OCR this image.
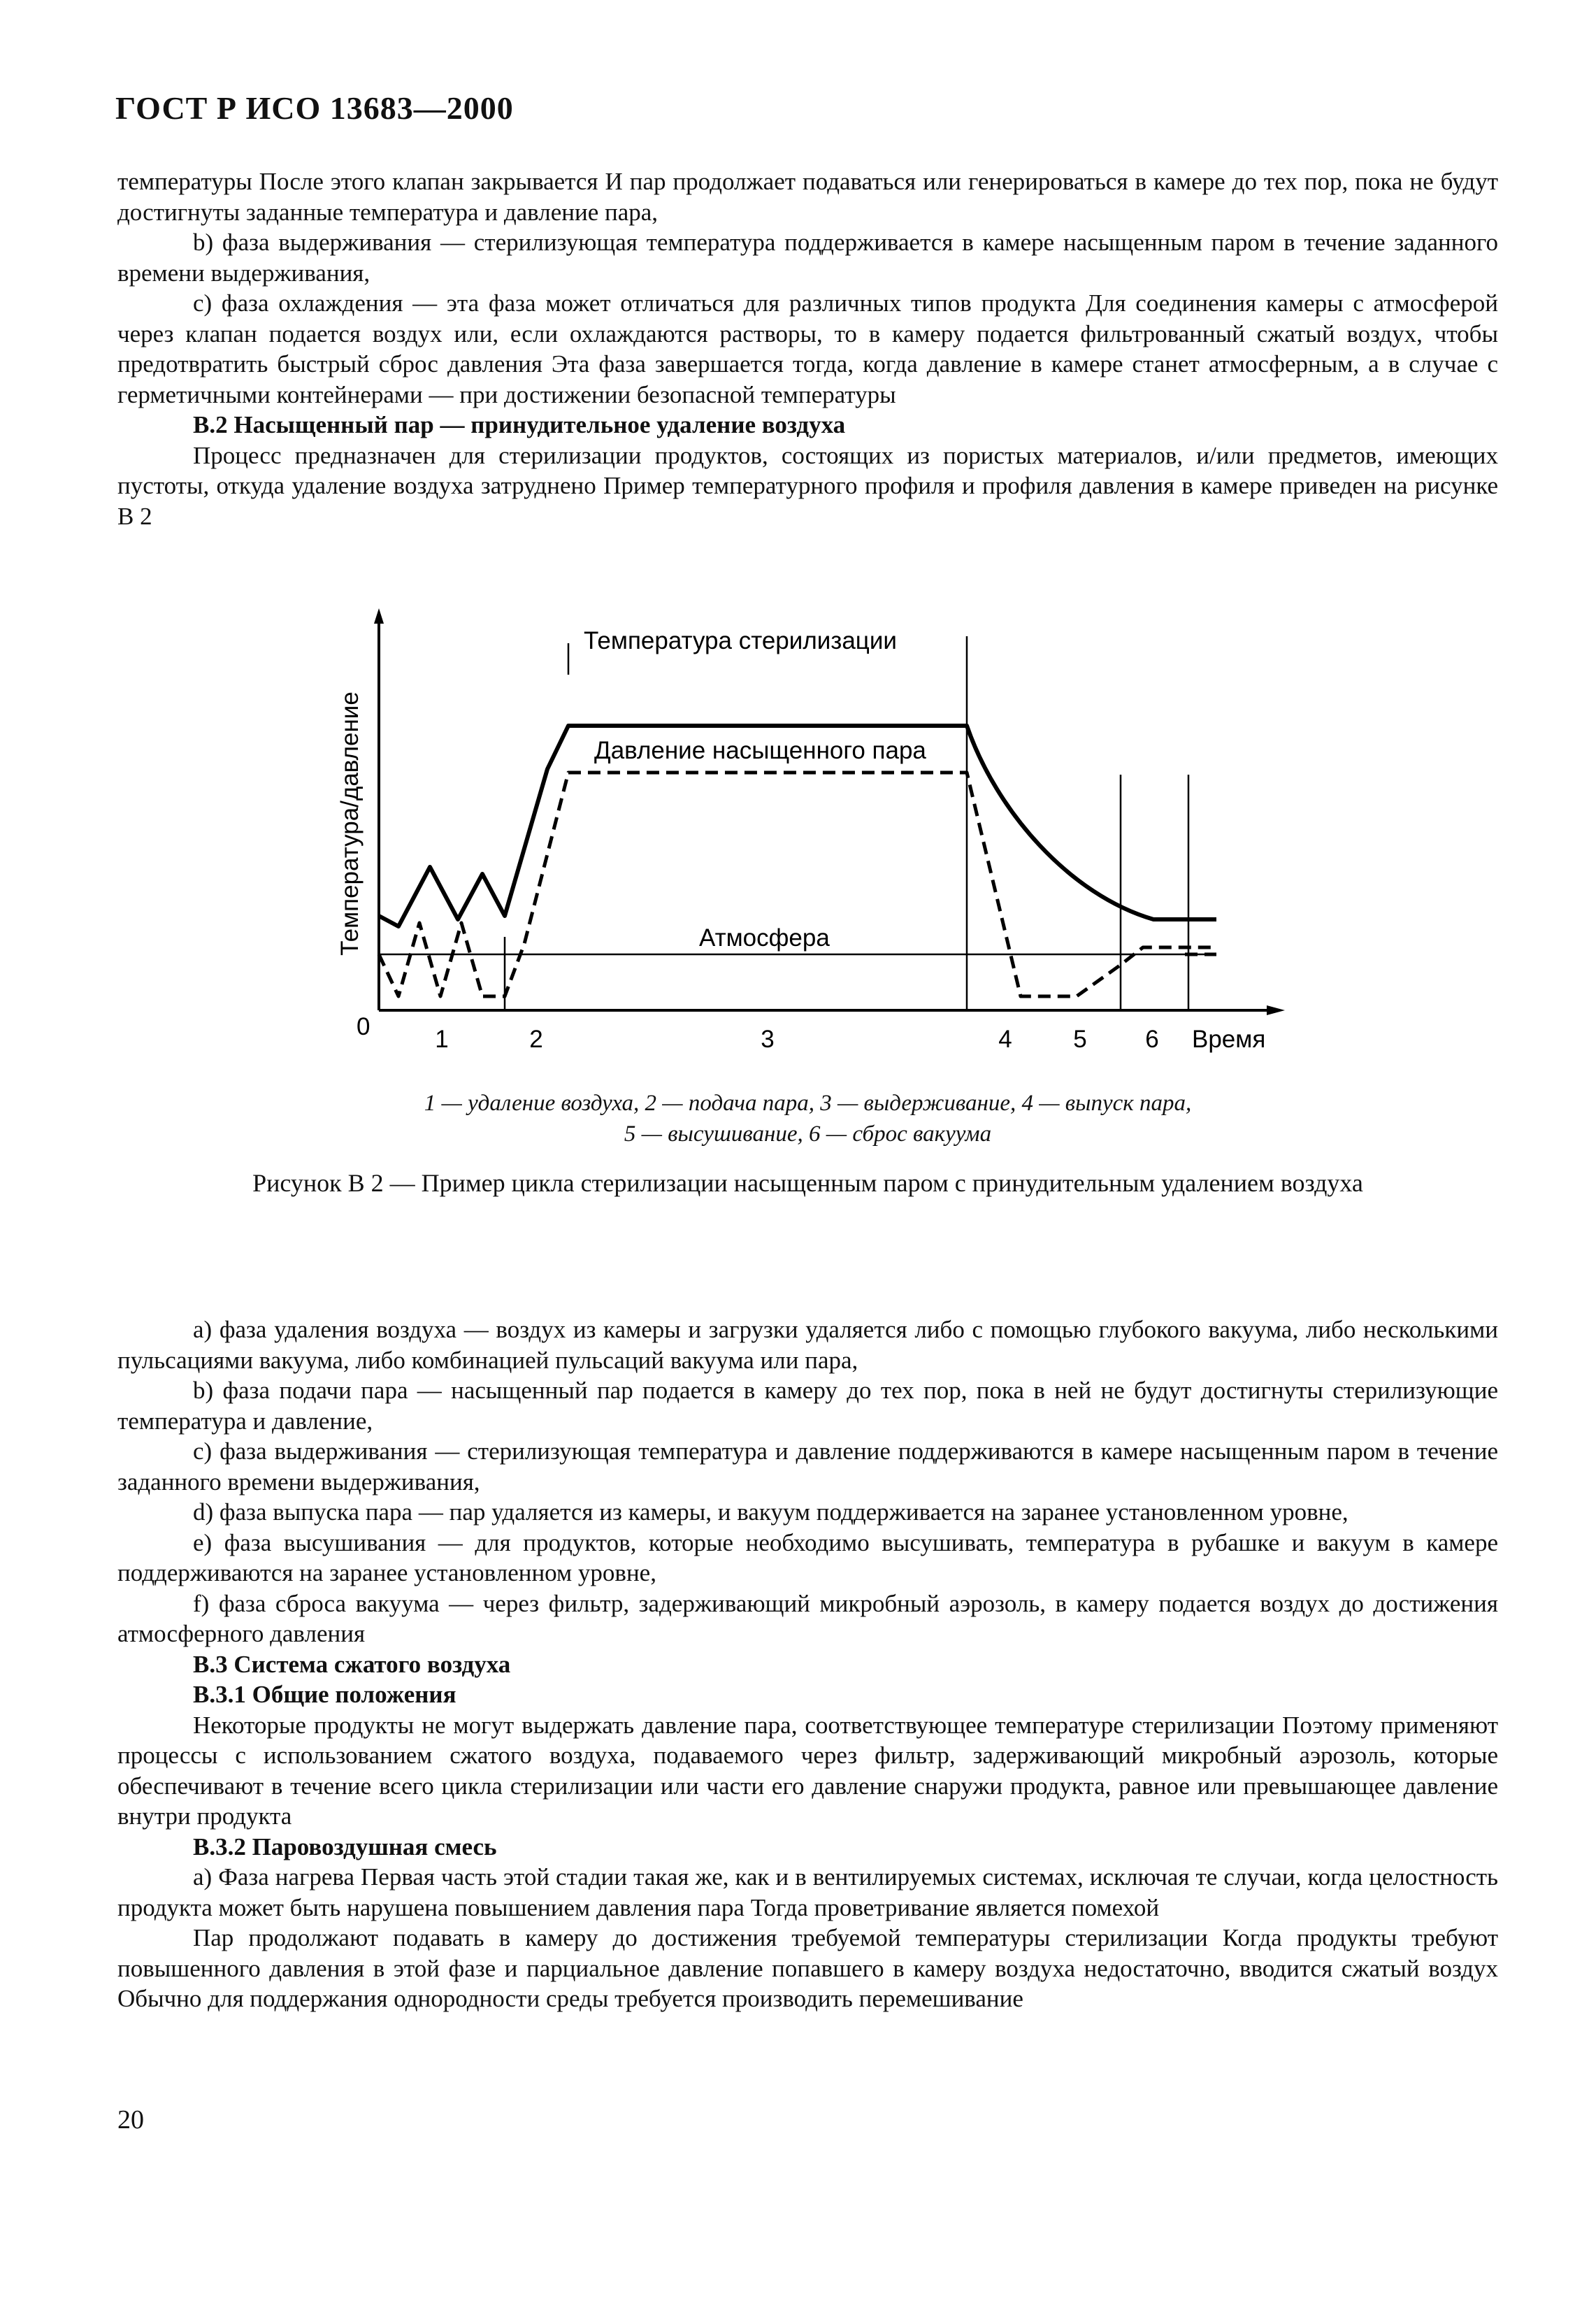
ГОСТ Р ИСО 13683—2000

температуры После этого клапан закрывается И пар продолжает подаваться или генерироваться в камере до тех пор, пока не будут достигнуты заданные температура и давление пара,

b) фаза выдерживания — стерилизующая температура поддерживается в камере насыщенным паром в течение заданного времени выдерживания,

c) фаза охлаждения — эта фаза может отличаться для различных типов продукта Для соединения камеры с атмосферой через клапан подается воздух или, если охлаждаются растворы, то в камеру подается фильтрованный сжатый воздух, чтобы предотвратить быстрый сброс давления Эта фаза завершается тогда, когда давление в камере станет атмосферным, а в случае с герметичными контейнерами — при достижении безопасной температуры

B.2 Насыщенный пар — принудительное удаление воздуха

Процесс предназначен для стерилизации продуктов, состоящих из пористых материалов, и/или предметов, имеющих пустоты, откуда удаление воздуха затруднено Пример температурного профиля и профиля давления в камере приведен на рисунке B 2

Температура стерилизации
Давление насыщенного пара
Атмосфера
Температура/давление
0	1	2	3	4	5 6 Время
1 — удаление воздуха, 2 — подача пара, 3 — выдерживание, 4 — выпуск пара,
5 — высушивание, 6 — сброс вакуума
Рисунок B 2 — Пример цикла стерилизации насыщенным паром с принудительным удалением воздуха

a) фаза удаления воздуха — воздух из камеры и загрузки удаляется либо с помощью глубокого вакуума, либо несколькими пульсациями вакуума, либо комбинацией пульсаций вакуума или пара,

b) фаза подачи пара — насыщенный пар подается в камеру до тех пор, пока в ней не будут достигнуты стерилизующие температура и давление,

c) фаза выдерживания — стерилизующая температура и давление поддерживаются в камере насыщенным паром в течение заданного времени выдерживания,

d) фаза выпуска пара — пар удаляется из камеры, и вакуум поддерживается на заранее установленном уровне,

e) фаза высушивания — для продуктов, которые необходимо высушивать, температура в рубашке и вакуум в камере поддерживаются на заранее установленном уровне,

f) фаза сброса вакуума — через фильтр, задерживающий микробный аэрозоль, в камеру подается воздух до достижения атмосферного давления

B.3 Система сжатого воздуха
B.3.1 Общие положения

Некоторые продукты не могут выдержать давление пара, соответствующее температуре стерилизации Поэтому применяют процессы с использованием сжатого воздуха, подаваемого через фильтр, задерживающий микробный аэрозоль, которые обеспечивают в течение всего цикла стерилизации или части его давление снаружи продукта, равное или превышающее давление внутри продукта

B.3.2 Паровоздушная смесь

a) Фаза нагрева Первая часть этой стадии такая же, как и в вентилируемых системах, исключая те случаи, когда целостность продукта может быть нарушена повышением давления пара Тогда проветривание является помехой

Пар продолжают подавать в камеру до достижения требуемой температуры стерилизации Когда продукты требуют повышенного давления в этой фазе и парциальное давление попавшего в камеру воздуха недостаточно, вводится сжатый воздух Обычно для поддержания однородности среды требуется производить перемешивание

20
